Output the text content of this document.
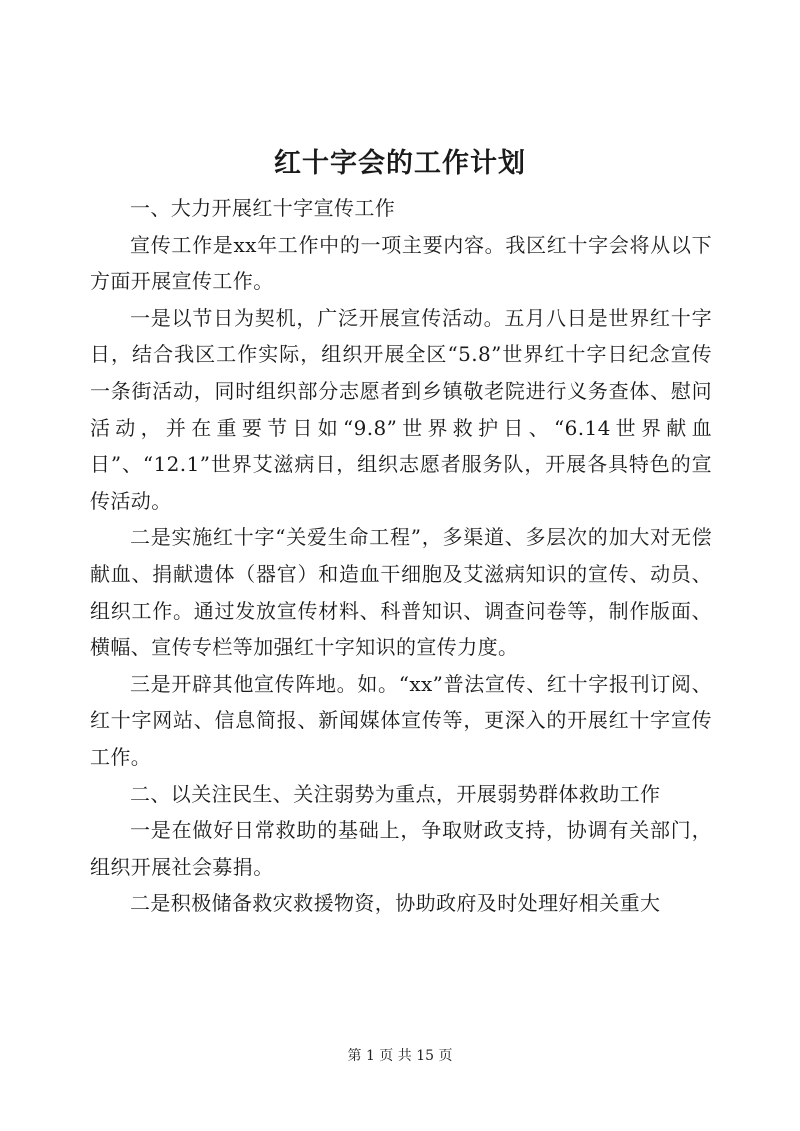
红十字会的工作计划

一、大力开展红十字宣传工作

宣传工作是xx年工作中的一项主要内容。我区红十字会将从以下方面开展宣传工作。

一是以节日为契机，广泛开展宣传活动。五月八日是世界红十字日，结合我区工作实际，组织开展全区“5.8”世界红十字日纪念宣传一条街活动，同时组织部分志愿者到乡镇敬老院进行义务查体、慰问活动，并在重要节日如“9.8”世界救护日、“6.14世界献血日”、“12.1”世界艾滋病日，组织志愿者服务队，开展各具特色的宣传活动。

二是实施红十字“关爱生命工程”，多渠道、多层次的加大对无偿献血、捐献遗体（器官）和造血干细胞及艾滋病知识的宣传、动员、组织工作。通过发放宣传材料、科普知识、调查问卷等，制作版面、横幅、宣传专栏等加强红十字知识的宣传力度。

三是开辟其他宣传阵地。如。“xx”普法宣传、红十字报刊订阅、红十字网站、信息简报、新闻媒体宣传等，更深入的开展红十字宣传工作。

二、以关注民生、关注弱势为重点，开展弱势群体救助工作

一是在做好日常救助的基础上，争取财政支持，协调有关部门，组织开展社会募捐。

二是积极储备救灾救援物资，协助政府及时处理好相关重大

第 1 页 共 15 页
